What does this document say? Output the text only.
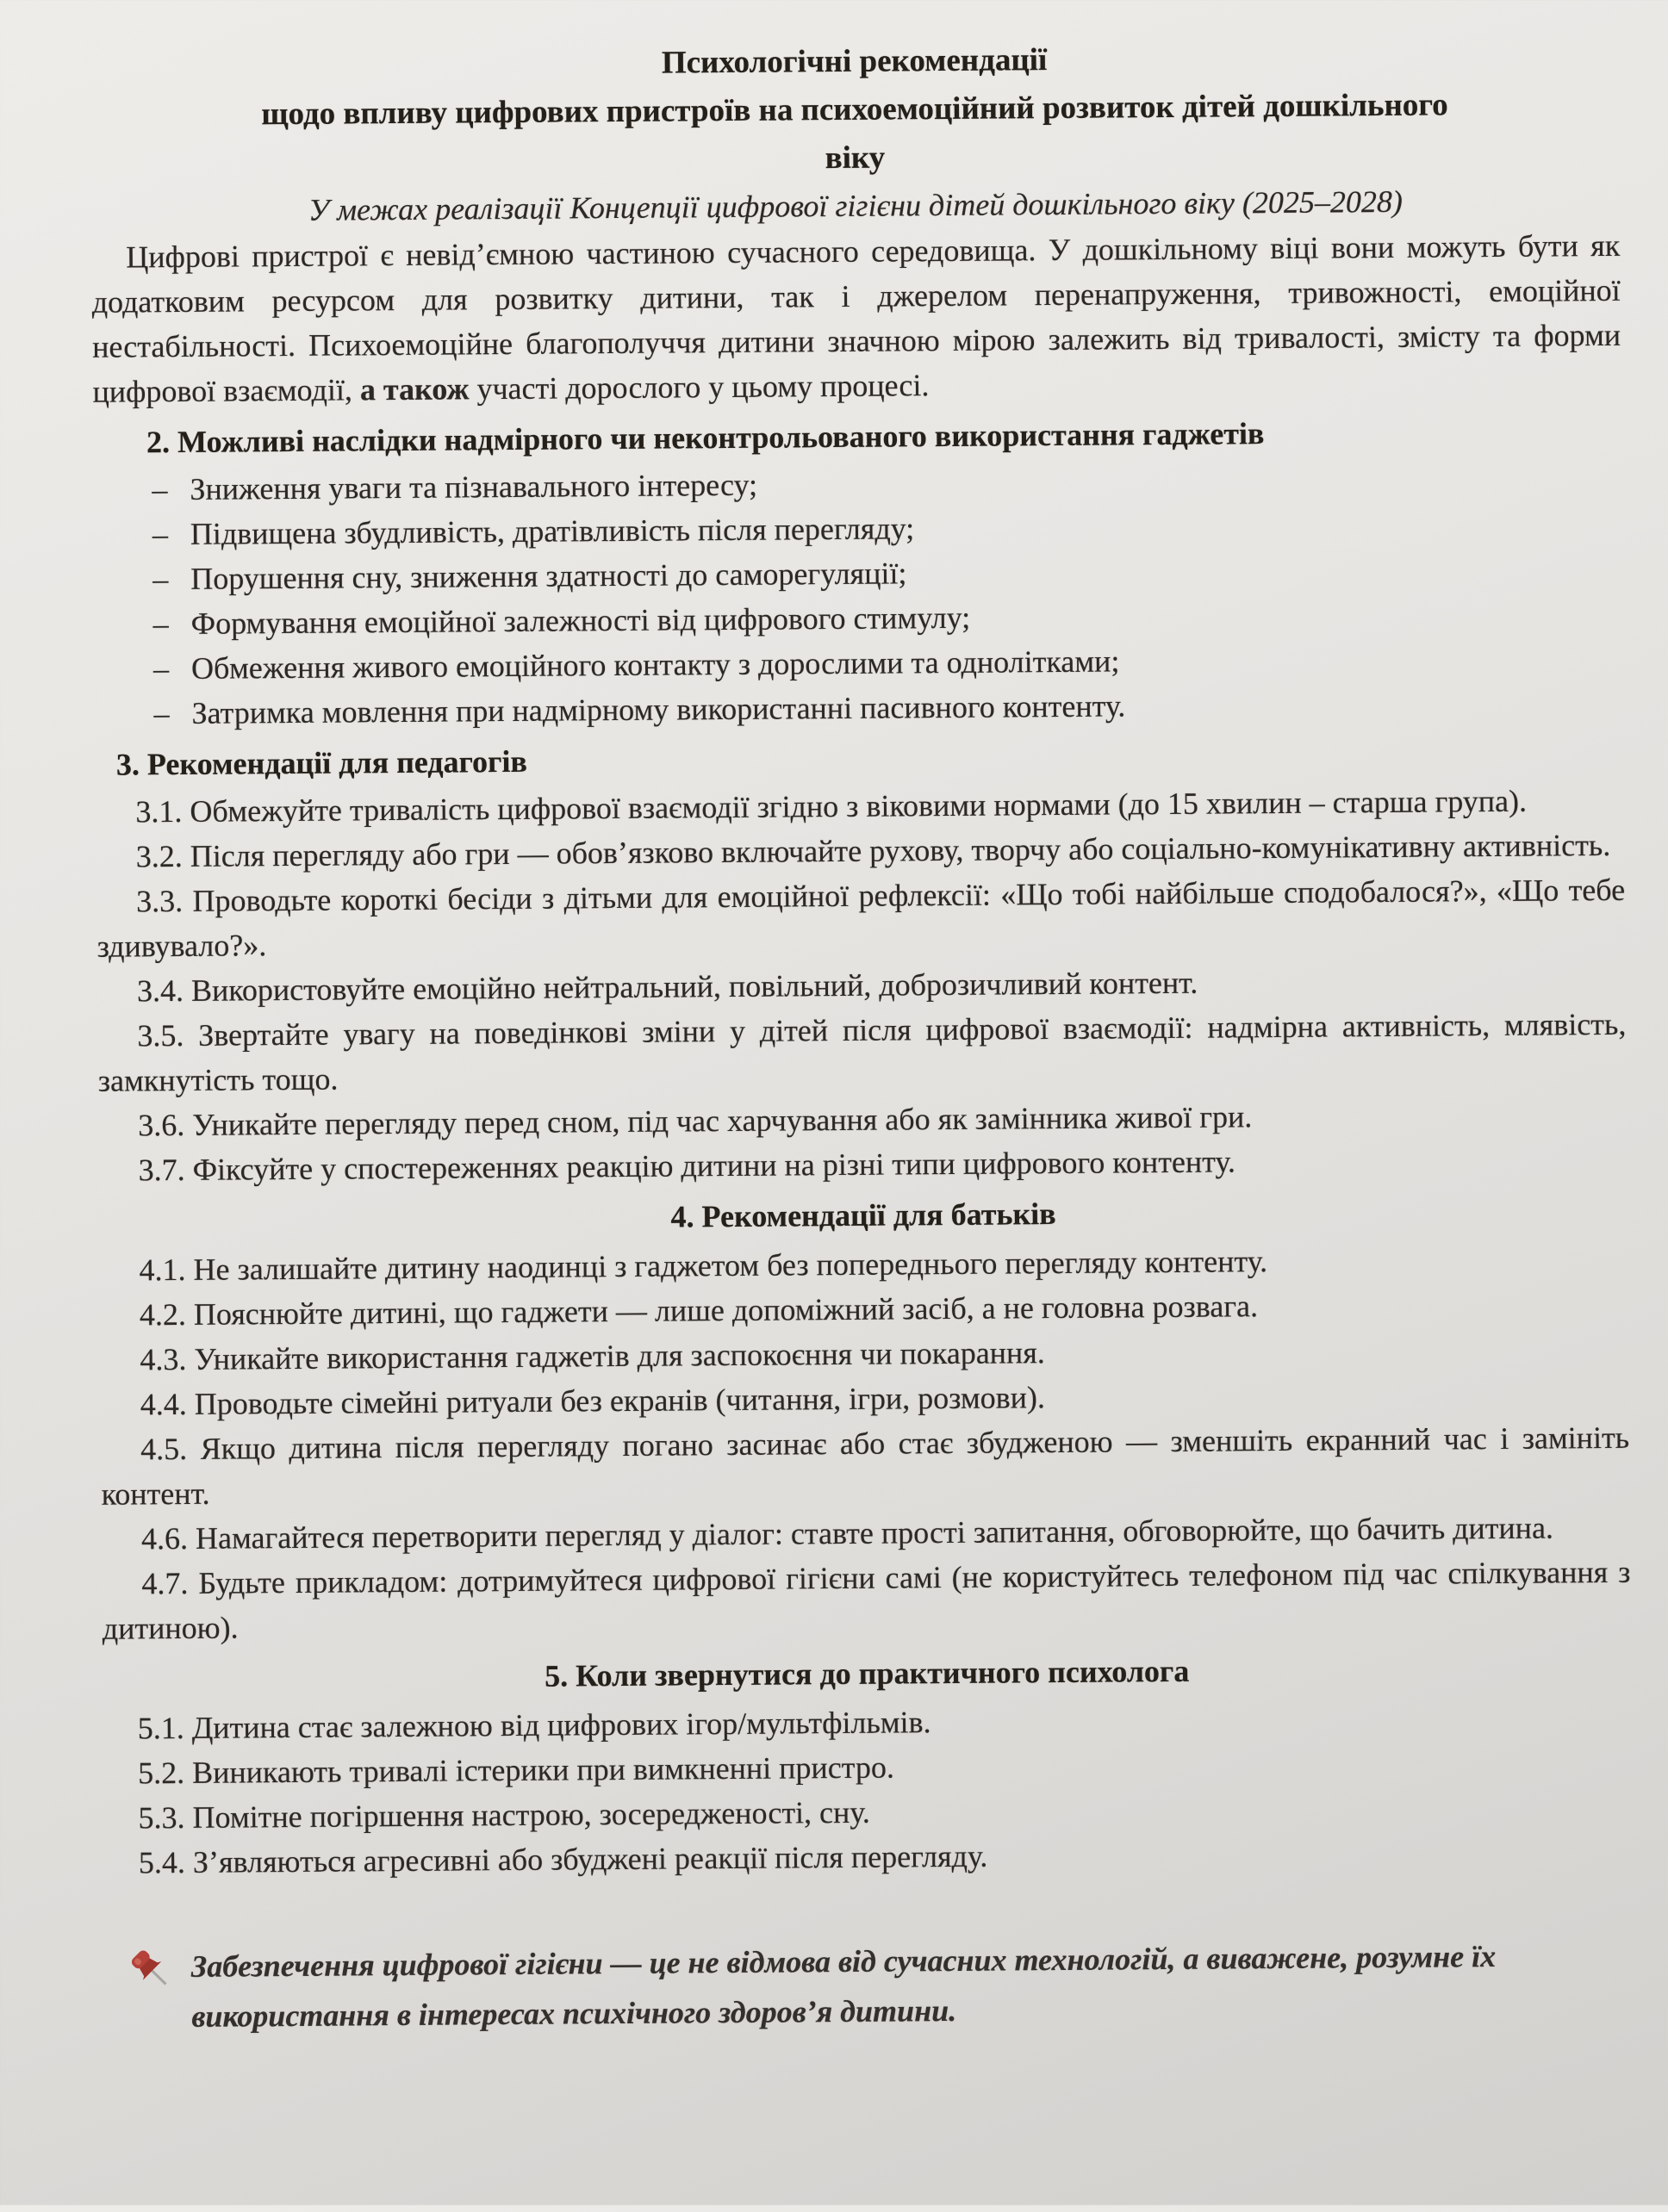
Психологічні рекомендації
щодо впливу цифрових пристроїв на психоемоційний розвиток дітей дошкільного
віку
У межах реалізації Концепції цифрової гігієни дітей дошкільного віку (2025–2028)

Цифрові пристрої є невід’ємною частиною сучасного середовища. У дошкільному віці вони можуть бути як додатковим ресурсом для розвитку дитини, так і джерелом перенапруження, тривожності, емоційної нестабільності. Психоемоційне благополуччя дитини значною мірою залежить від тривалості, змісту та форми цифрової взаємодії, а також участі дорослого у цьому процесі.

2. Можливі наслідки надмірного чи неконтрольованого використання гаджетів
– Зниження уваги та пізнавального інтересу;
– Підвищена збудливість, дратівливість після перегляду;
– Порушення сну, зниження здатності до саморегуляції;
– Формування емоційної залежності від цифрового стимулу;
– Обмеження живого емоційного контакту з дорослими та однолітками;
– Затримка мовлення при надмірному використанні пасивного контенту.
3. Рекомендації для педагогів

3.1. Обмежуйте тривалість цифрової взаємодії згідно з віковими нормами (до 15 хвилин – старша група).

3.2. Після перегляду або гри — обов’язково включайте рухову, творчу або соціально-комунікативну активність.

3.3. Проводьте короткі бесіди з дітьми для емоційної рефлексії: «Що тобі найбільше сподобалося?», «Що тебе здивувало?».

3.4. Використовуйте емоційно нейтральний, повільний, доброзичливий контент.

3.5. Звертайте увагу на поведінкові зміни у дітей після цифрової взаємодії: надмірна активність, млявість, замкнутість тощо.

3.6. Уникайте перегляду перед сном, під час харчування або як замінника живої гри.

3.7. Фіксуйте у спостереженнях реакцію дитини на різні типи цифрового контенту.

4. Рекомендації для батьків

4.1. Не залишайте дитину наодинці з гаджетом без попереднього перегляду контенту.

4.2. Пояснюйте дитині, що гаджети — лише допоміжний засіб, а не головна розвага.

4.3. Уникайте використання гаджетів для заспокоєння чи покарання.

4.4. Проводьте сімейні ритуали без екранів (читання, ігри, розмови).

4.5. Якщо дитина після перегляду погано засинає або стає збудженою — зменшіть екранний час і замініть контент.

4.6. Намагайтеся перетворити перегляд у діалог: ставте прості запитання, обговорюйте, що бачить дитина.

4.7. Будьте прикладом: дотримуйтеся цифрової гігієни самі (не користуйтесь телефоном під час спілкування з дитиною).

5. Коли звернутися до практичного психолога

5.1. Дитина стає залежною від цифрових ігор/мультфільмів.

5.2. Виникають тривалі істерики при вимкненні пристро.

5.3. Помітне погіршення настрою, зосередженості, сну.

5.4. З’являються агресивні або збуджені реакції після перегляду.

Забезпечення цифрової гігієни — це не відмова від сучасних технологій, а виважене, розумне їх використання в інтересах психічного здоров’я дитини.
